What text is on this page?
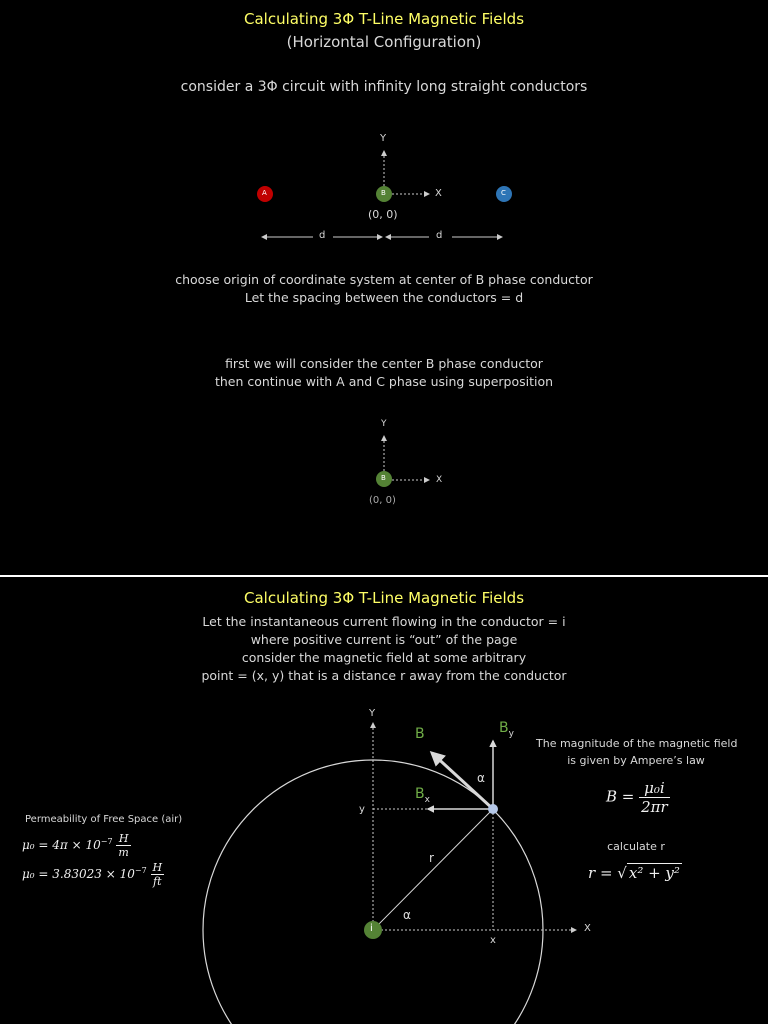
Calculating 3Φ T-Line Magnetic Fields
(Horizontal Configuration)
consider a 3Φ circuit with infinity long straight conductors
Y
X
A	B	C
(0, 0)
d	d
choose origin of coordinate system at center of B phase conductor
Let the spacing between the conductors = d
first we will consider the center B phase conductor
then continue with A and C phase using superposition
Y
X
B
(0, 0)
Calculating 3Φ T-Line Magnetic Fields
Let the instantaneous current flowing in the conductor = i
where positive current is “out” of the page
consider the magnetic field at some arbitrary
point = (x, y) that is a distance r away from the conductor
Y
X
B	$B_y$
$B_x$
α
α
r
y
x
i
The magnitude of the magnetic field
is given by Ampere’s law
$B = \frac{\text{μ₀i}}{2\pi r}$
calculate r
r = √ x² + y²
Permeability of Free Space (air)
$\mu_0 = 4\pi \times 10^{-7} \frac{H}{m}$
$\mu_0 = 3.83023 \times 10^{-7} \frac{H}{ft}$
